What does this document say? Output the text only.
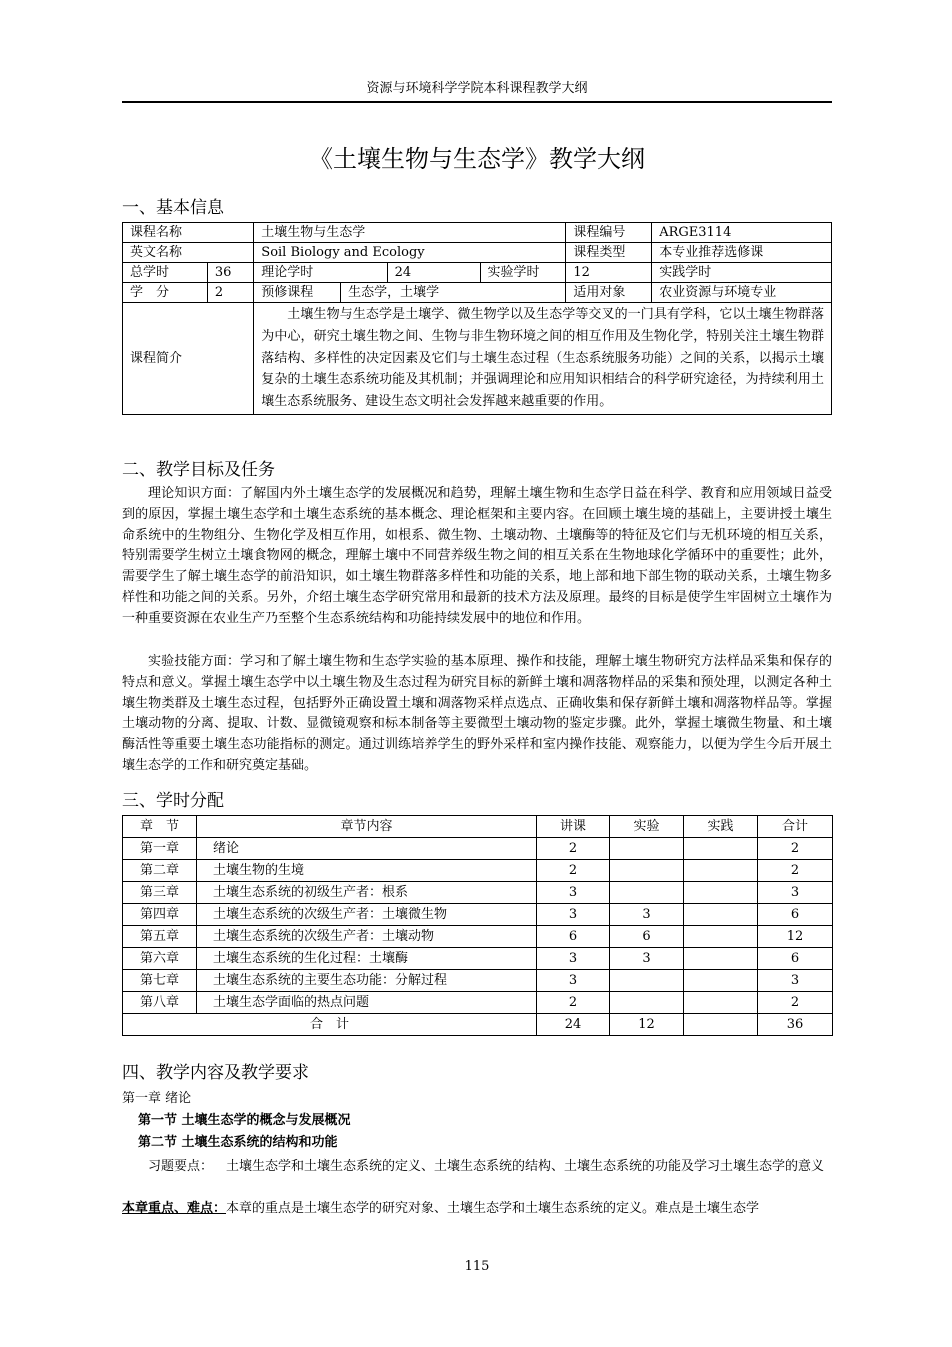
资源与环境科学学院本科课程教学大纲
《土壤生物与生态学》教学大纲
一、基本信息
课程名称		土壤生物与生态学				课程编号	ARGE3114
英文名称		Soil Biology and Ecology				课程类型	本专业推荐选修课
总学时	36	理论学时		24	实验学时	12	实践学时
学　分	2	预修课程	生态学，土壤学			适用对象	农业资源与环境专业
课程简介		土壤生物与生态学是土壤学、微生物学以及生态学等交叉的一门具有学科，它以土壤生物群落为中心，研究土壤生物之间、生物与非生物环境之间的相互作用及生物化学，特别关注土壤生物群落结构、多样性的决定因素及它们与土壤生态过程（生态系统服务功能）之间的关系，以揭示土壤复杂的土壤生态系统功能及其机制；并强调理论和应用知识相结合的科学研究途径，为持续利用土壤生态系统服务、建设生态文明社会发挥越来越重要的作用。					
二、教学目标及任务

理论知识方面：了解国内外土壤生态学的发展概况和趋势，理解土壤生物和生态学日益在科学、教育和应用领域日益受到的原因，掌握土壤生态学和土壤生态系统的基本概念、理论框架和主要内容。在回顾土壤生境的基础上，主要讲授土壤生命系统中的生物组分、生物化学及相互作用，如根系、微生物、土壤动物、土壤酶等的特征及它们与无机环境的相互关系，特别需要学生树立土壤食物网的概念，理解土壤中不同营养级生物之间的相互关系在生物地球化学循环中的重要性；此外，需要学生了解土壤生态学的前沿知识，如土壤生物群落多样性和功能的关系，地上部和地下部生物的联动关系，土壤生物多样性和功能之间的关系。另外，介绍土壤生态学研究常用和最新的技术方法及原理。最终的目标是使学生牢固树立土壤作为一种重要资源在农业生产乃至整个生态系统结构和功能持续发展中的地位和作用。

实验技能方面：学习和了解土壤生物和生态学实验的基本原理、操作和技能，理解土壤生物研究方法样品采集和保存的特点和意义。掌握土壤生态学中以土壤生物及生态过程为研究目标的新鲜土壤和凋落物样品的采集和预处理，以测定各种土壤生物类群及土壤生态过程，包括野外正确设置土壤和凋落物采样点选点、正确收集和保存新鲜土壤和凋落物样品等。掌握土壤动物的分离、提取、计数、显微镜观察和标本制备等主要微型土壤动物的鉴定步骤。此外，掌握土壤微生物量、和土壤酶活性等重要土壤生态功能指标的测定。通过训练培养学生的野外采样和室内操作技能、观察能力，以便为学生今后开展土壤生态学的工作和研究奠定基础。

三、学时分配
章　节	章节内容	讲课	实验	实践	合计
第一章	绪论	2			2
第二章	土壤生物的生境	2			2
第三章	土壤生态系统的初级生产者：根系	3			3
第四章	土壤生态系统的次级生产者：土壤微生物	3	3		6
第五章	土壤生态系统的次级生产者：土壤动物	6	6		12
第六章	土壤生态系统的生化过程：土壤酶	3	3		6
第七章	土壤生态系统的主要生态功能：分解过程	3			3
第八章	土壤生态学面临的热点问题	2			2
合　计		24	12		36
四、教学内容及教学要求
第一章 绪论
第一节 土壤生态学的概念与发展概况
第二节 土壤生态系统的结构和功能
习题要点： 土壤生态学和土壤生态系统的定义、土壤生态系统的结构、土壤生态系统的功能及学习土壤生态学的意义
本章重点、难点：本章的重点是土壤生态学的研究对象、土壤生态学和土壤生态系统的定义。难点是土壤生态学
115
